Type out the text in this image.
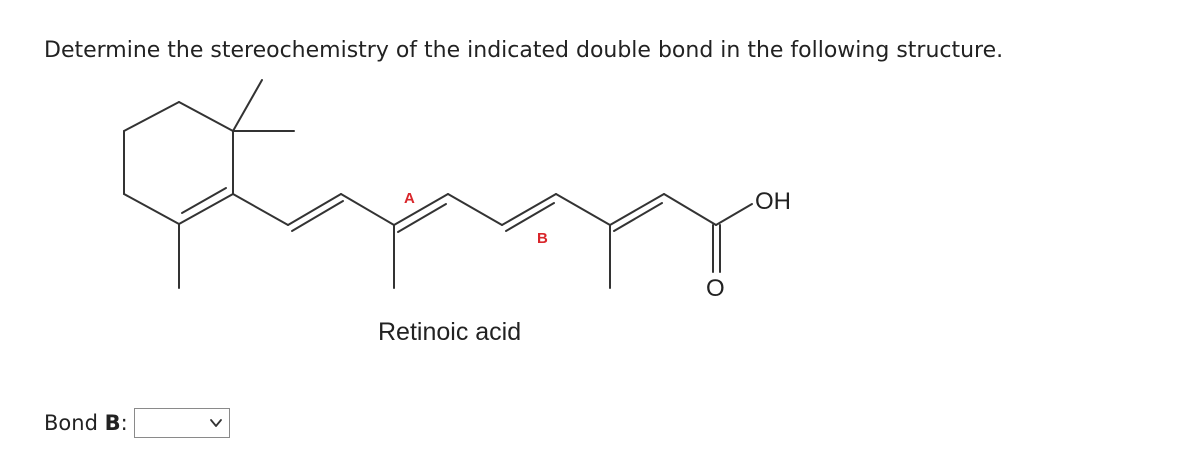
Determine the stereochemistry of the indicated double bond in the following structure.
A
B
OH
O
Retinoic acid
Bond B:
